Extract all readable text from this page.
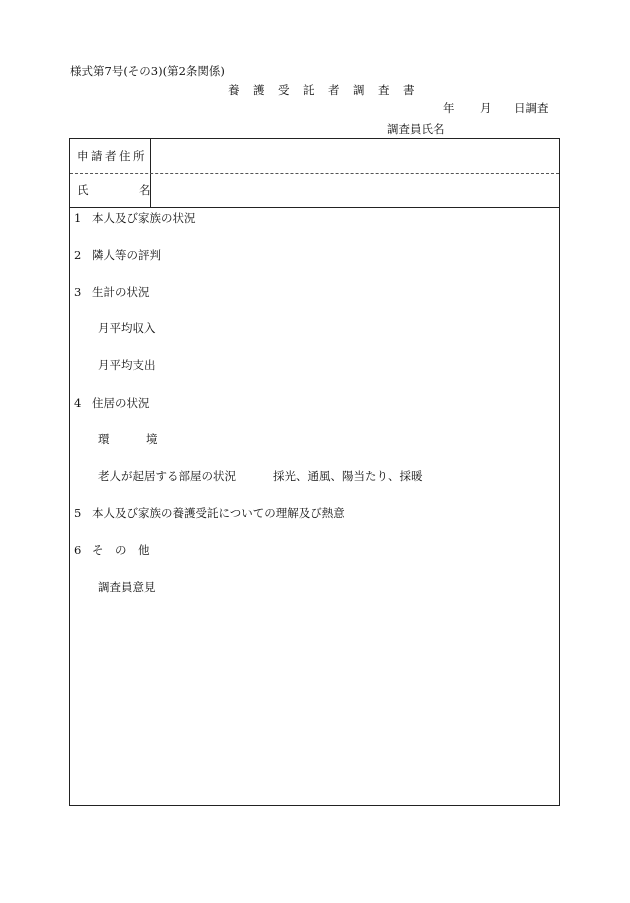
様式第7号(その3)(第2条関係)
養護受託者調査書
年 月 日調査
調査員氏名
申請者住所
氏	名
1 本人及び家族の状況
2 隣人等の評判
3 生計の状況
月平均収入
月平均支出
4 住居の状況
環	境
老人が起居する部屋の状況	採光、通風、陽当たり、採暖
5 本人及び家族の養護受託についての理解及び熱意
6 そ　の　他
調査員意見
